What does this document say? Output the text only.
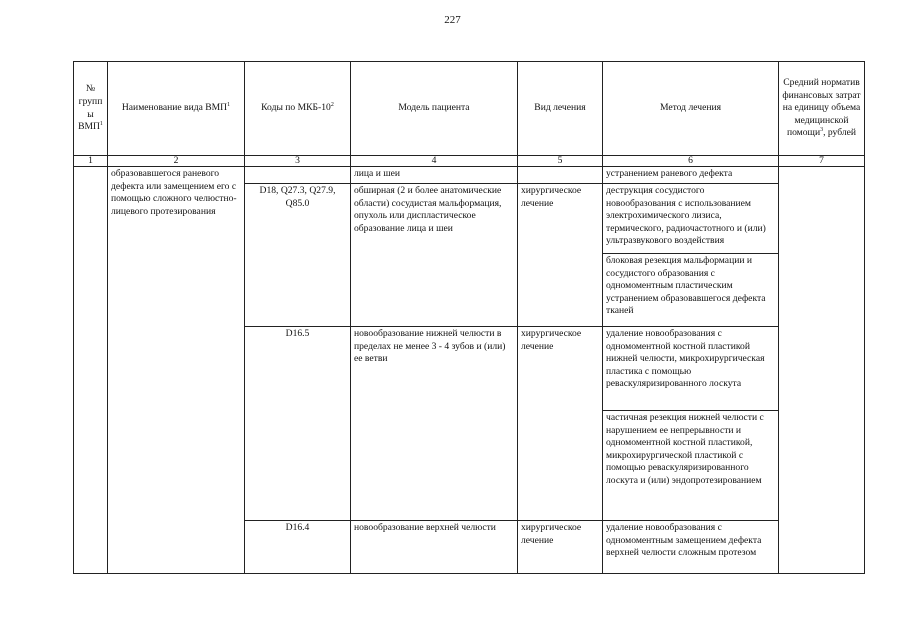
227
№ групп ы ВМП$^1$	Наименование вида ВМП$^1$	Коды по МКБ-$10^2$	Модель пациента	Вид лечения	Метод лечения	Средний норматив финансовых затрат на единицу объема медицинской помощи$^3$, рублей
1	2	3	4	5	6	7
	образовавшегося раневого дефекта или замещением его с помощью сложного челюстно-лицевого протезирования		лица и шеи		устранением раневого дефекта	
		D18, Q27.3, Q27.9, Q85.0	обширная (2 и более анатомические области) сосудистая мальформация, опухоль или диспластическое образование лица и шеи	хирургическое лечение	деструкция сосудистого новообразования с использованием электрохимического лизиса, термического, радиочастотного и (или) ультразвукового воздействия	
					блоковая резекция мальформации и сосудистого образования с одномоментным пластическим устранением образовавшегося дефекта тканей	
		D16.5	новообразование нижней челюсти в пределах не менее 3 - 4 зубов и (или) ее ветви	хирургическое лечение	удаление новообразования с одномоментной костной пластикой нижней челюсти, микрохирургическая пластика с помощью реваскуляризированного лоскута	
					частичная резекция нижней челюсти с нарушением ее непрерывности и одномоментной костной пластикой, микрохирургической пластикой с помощью реваскуляризированного лоскута и (или) эндопротезированием	
		D16.4	новообразование верхней челюсти	хирургическое лечение	удаление новообразования с одномоментным замещением дефекта верхней челюсти сложным протезом	
